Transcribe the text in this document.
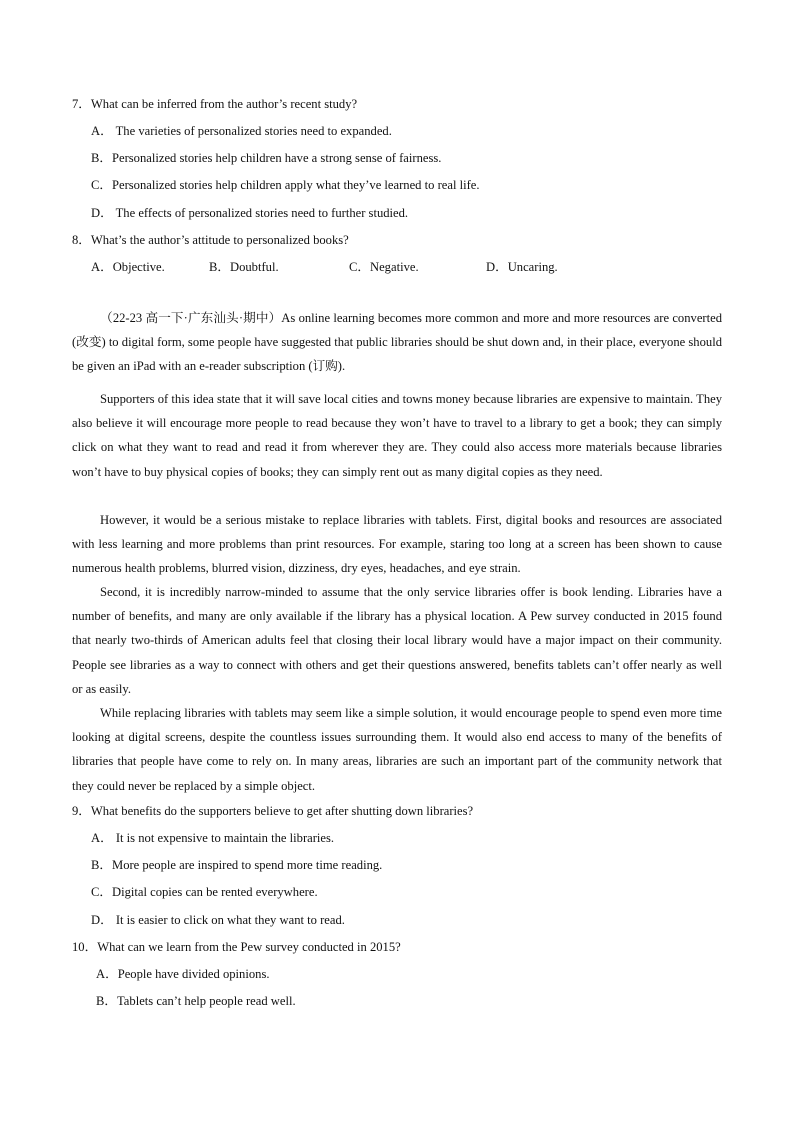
7．What can be inferred from the author’s recent study?
A． The varieties of personalized stories need to expanded.
B．Personalized stories help children have a strong sense of fairness.
C．Personalized stories help children apply what they’ve learned to real life.
D． The effects of personalized stories need to further studied.
8．What’s the author’s attitude to personalized books?
A．Objective.	B．Doubtful.	C．Negative.	D．Uncaring.
（22-23 高一下·广东汕头·期中）As online learning becomes more common and more and more resources are converted (改变) to digital form, some people have suggested that public libraries should be shut down and, in their place, everyone should be given an iPad with an e-reader subscription (订购).
Supporters of this idea state that it will save local cities and towns money because libraries are expensive to maintain. They also believe it will encourage more people to read because they won’t have to travel to a library to get a book; they can simply click on what they want to read and read it from wherever they are. They could also access more materials because libraries won’t have to buy physical copies of books; they can simply rent out as many digital copies as they need.
However, it would be a serious mistake to replace libraries with tablets. First, digital books and resources are associated with less learning and more problems than print resources. For example, staring too long at a screen has been shown to cause numerous health problems, blurred vision, dizziness, dry eyes, headaches, and eye strain.
Second, it is incredibly narrow-minded to assume that the only service libraries offer is book lending. Libraries have a number of benefits, and many are only available if the library has a physical location. A Pew survey conducted in 2015 found that nearly two-thirds of American adults feel that closing their local library would have a major impact on their community. People see libraries as a way to connect with others and get their questions answered, benefits tablets can’t offer nearly as well or as easily.
While replacing libraries with tablets may seem like a simple solution, it would encourage people to spend even more time looking at digital screens, despite the countless issues surrounding them. It would also end access to many of the benefits of libraries that people have come to rely on. In many areas, libraries are such an important part of the community network that they could never be replaced by a simple object.
9．What benefits do the supporters believe to get after shutting down libraries?
A． It is not expensive to maintain the libraries.
B．More people are inspired to spend more time reading.
C．Digital copies can be rented everywhere.
D． It is easier to click on what they want to read.
10．What can we learn from the Pew survey conducted in 2015?
A．People have divided opinions.
B．Tablets can’t help people read well.
